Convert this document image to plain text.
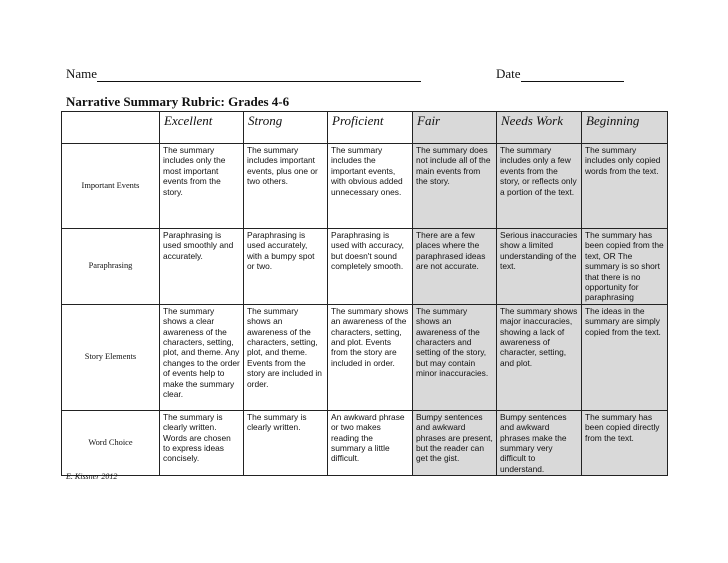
Name	Date
Narrative Summary Rubric: Grades 4-6
	Excellent	Strong	Proficient	Fair	Needs Work	Beginning
Important Events	The summary includes only the most important events from the story.	The summary includes important events, plus one or two others.	The summary includes the important events, with obvious added unnecessary ones.	The summary does not include all of the main events from the story.	The summary includes only a few events from the story, or reflects only a portion of the text.	The summary includes only copied words from the text.
Paraphrasing	Paraphrasing is used smoothly and accurately.	Paraphrasing is used accurately, with a bumpy spot or two.	Paraphrasing is used with accuracy, but doesn't sound completely smooth.	There are a few places where the paraphrased ideas are not accurate.	Serious inaccuracies show a limited understanding of the text.	The summary has been copied from the text, OR The summary is so short that there is no opportunity for paraphrasing
Story Elements	The summary shows a clear awareness of the characters, setting, plot, and theme. Any changes to the order of events help to make the summary clear.	The summary shows an awareness of the characters, setting, plot, and theme. Events from the story are included in order.	The summary shows an awareness of the characters, setting, and plot. Events from the story are included in order.	The summary shows an awareness of the characters and setting of the story, but may contain minor inaccuracies.	The summary shows major inaccuracies, showing a lack of awareness of character, setting, and plot.	The ideas in the summary are simply copied from the text.
Word Choice	The summary is clearly written. Words are chosen to express ideas concisely.	The summary is clearly written.	An awkward phrase or two makes reading the summary a little difficult.	Bumpy sentences and awkward phrases are present, but the reader can get the gist.	Bumpy sentences and awkward phrases make the summary very difficult to understand.	The summary has been copied directly from the text.
E. Kissner 2012
